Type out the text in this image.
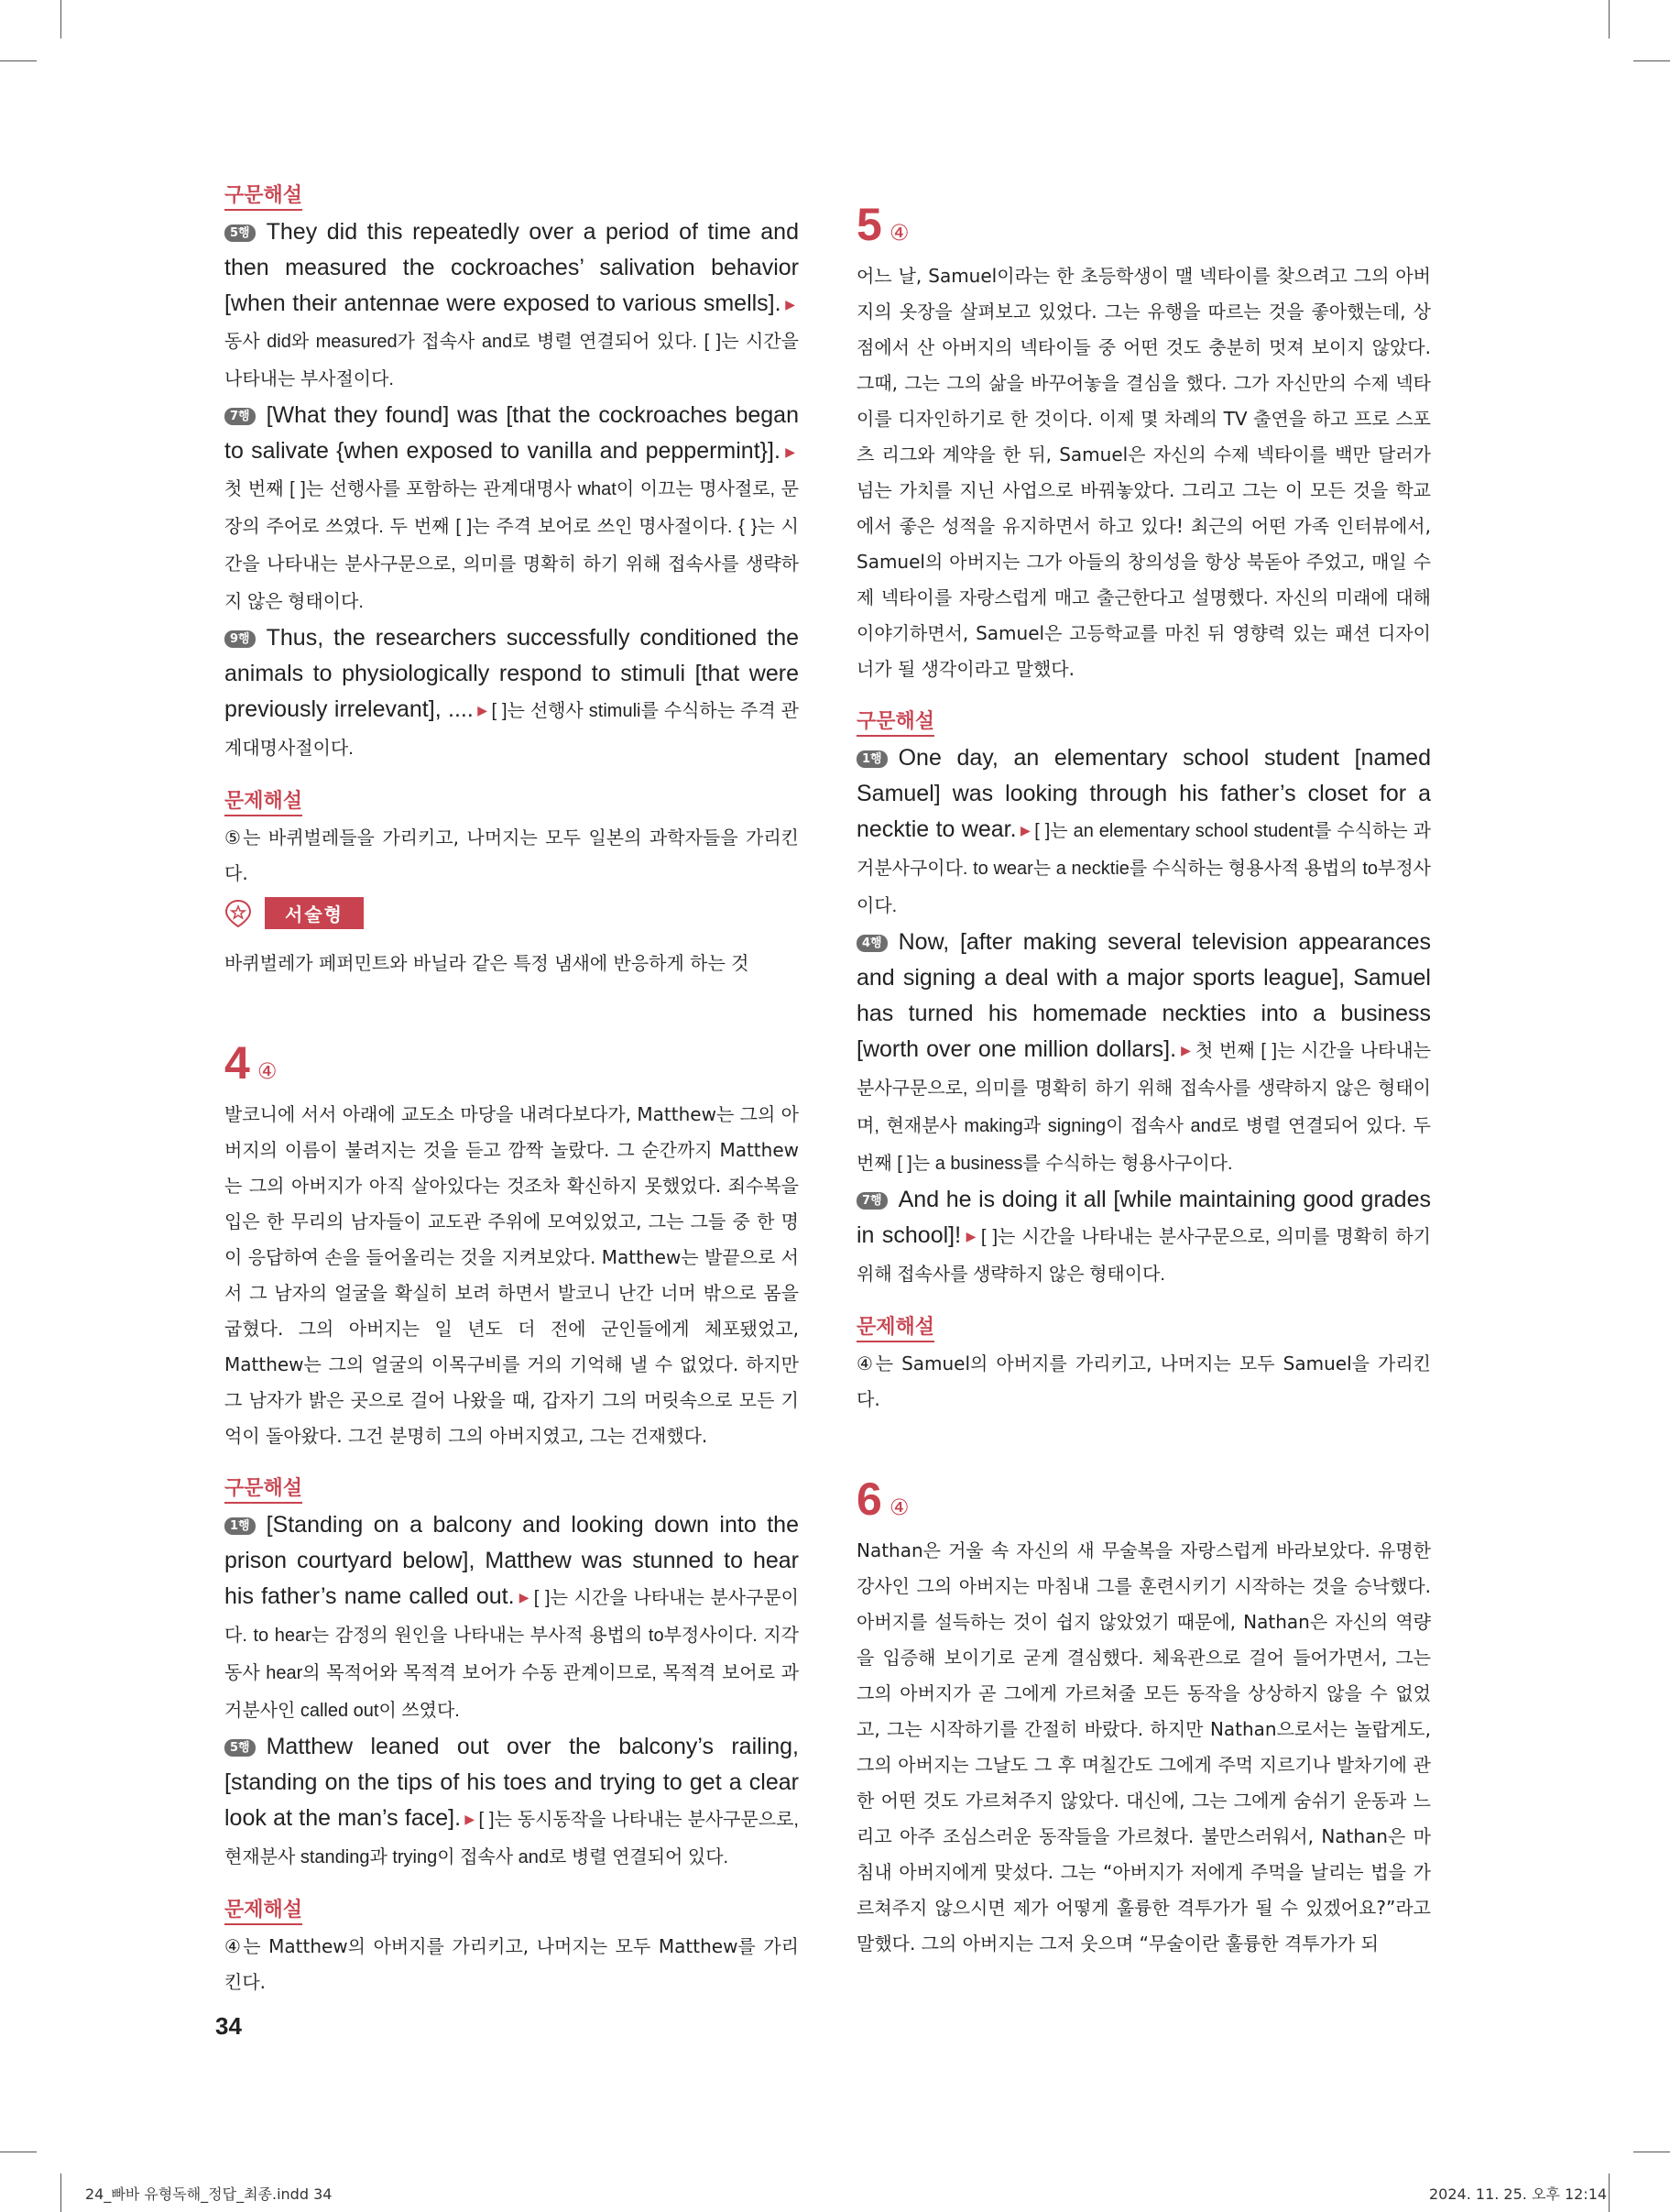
구문해설

5행 They did this repeatedly over a period of time and then measured the cockroaches’ salivation behavior [when their antennae were exposed to various smells]. ▶동사 did와 measured가 접속사 and로 병렬 연결되어 있다. [ ]는 시간을 나타내는 부사절이다.

7행 [What they found] was [that the cockroaches began to salivate {when exposed to vanilla and peppermint}]. ▶첫 번째 [ ]는 선행사를 포함하는 관계대명사 what이 이끄는 명사절로, 문장의 주어로 쓰였다. 두 번째 [ ]는 주격 보어로 쓰인 명사절이다. { }는 시간을 나타내는 분사구문으로, 의미를 명확히 하기 위해 접속사를 생략하지 않은 형태이다.

9행 Thus, the researchers successfully conditioned the animals to physiologically respond to stimuli [that were previously irrelevant], .... ▶ [ ]는 선행사 stimuli를 수식하는 주격 관계대명사절이다.

문제해설

⑤는 바퀴벌레들을 가리키고, 나머지는 모두 일본의 과학자들을 가리킨다.

서술형

바퀴벌레가 페퍼민트와 바닐라 같은 특정 냄새에 반응하게 하는 것

4 ④

발코니에 서서 아래에 교도소 마당을 내려다보다가, Matthew는 그의 아버지의 이름이 불려지는 것을 듣고 깜짝 놀랐다. 그 순간까지 Matthew는 그의 아버지가 아직 살아있다는 것조차 확신하지 못했었다. 죄수복을 입은 한 무리의 남자들이 교도관 주위에 모여있었고, 그는 그들 중 한 명이 응답하여 손을 들어올리는 것을 지켜보았다. Matthew는 발끝으로 서서 그 남자의 얼굴을 확실히 보려 하면서 발코니 난간 너머 밖으로 몸을 굽혔다. 그의 아버지는 일 년도 더 전에 군인들에게 체포됐었고, Matthew는 그의 얼굴의 이목구비를 거의 기억해 낼 수 없었다. 하지만 그 남자가 밝은 곳으로 걸어 나왔을 때, 갑자기 그의 머릿속으로 모든 기억이 돌아왔다. 그건 분명히 그의 아버지였고, 그는 건재했다.

구문해설

1행 [Standing on a balcony and looking down into the prison courtyard below], Matthew was stunned to hear his father’s name called out. ▶ [ ]는 시간을 나타내는 분사구문이다. to hear는 감정의 원인을 나타내는 부사적 용법의 to부정사이다. 지각동사 hear의 목적어와 목적격 보어가 수동 관계이므로, 목적격 보어로 과거분사인 called out이 쓰였다.

5행 Matthew leaned out over the balcony’s railing, [standing on the tips of his toes and trying to get a clear look at the man’s face]. ▶ [ ]는 동시동작을 나타내는 분사구문으로, 현재분사 standing과 trying이 접속사 and로 병렬 연결되어 있다.

문제해설

④는 Matthew의 아버지를 가리키고, 나머지는 모두 Matthew를 가리킨다.

5 ④

어느 날, Samuel이라는 한 초등학생이 맬 넥타이를 찾으려고 그의 아버지의 옷장을 살펴보고 있었다. 그는 유행을 따르는 것을 좋아했는데, 상점에서 산 아버지의 넥타이들 중 어떤 것도 충분히 멋져 보이지 않았다. 그때, 그는 그의 삶을 바꾸어놓을 결심을 했다. 그가 자신만의 수제 넥타이를 디자인하기로 한 것이다. 이제 몇 차례의 TV 출연을 하고 프로 스포츠 리그와 계약을 한 뒤, Samuel은 자신의 수제 넥타이를 백만 달러가 넘는 가치를 지닌 사업으로 바꿔놓았다. 그리고 그는 이 모든 것을 학교에서 좋은 성적을 유지하면서 하고 있다! 최근의 어떤 가족 인터뷰에서, Samuel의 아버지는 그가 아들의 창의성을 항상 북돋아 주었고, 매일 수제 넥타이를 자랑스럽게 매고 출근한다고 설명했다. 자신의 미래에 대해 이야기하면서, Samuel은 고등학교를 마친 뒤 영향력 있는 패션 디자이너가 될 생각이라고 말했다.

구문해설

1행 One day, an elementary school student [named Samuel] was looking through his father’s closet for a necktie to wear. ▶ [ ]는 an elementary school student를 수식하는 과거분사구이다. to wear는 a necktie를 수식하는 형용사적 용법의 to부정사이다.

4행 Now, [after making several television appearances and signing a deal with a major sports league], Samuel has turned his homemade neckties into a business [worth over one million dollars]. ▶ 첫 번째 [ ]는 시간을 나타내는 분사구문으로, 의미를 명확히 하기 위해 접속사를 생략하지 않은 형태이며, 현재분사 making과 signing이 접속사 and로 병렬 연결되어 있다. 두 번째 [ ]는 a business를 수식하는 형용사구이다.

7행 And he is doing it all [while maintaining good grades in school]! ▶ [ ]는 시간을 나타내는 분사구문으로, 의미를 명확히 하기 위해 접속사를 생략하지 않은 형태이다.

문제해설

④는 Samuel의 아버지를 가리키고, 나머지는 모두 Samuel을 가리킨다.

6 ④

Nathan은 거울 속 자신의 새 무술복을 자랑스럽게 바라보았다. 유명한 강사인 그의 아버지는 마침내 그를 훈련시키기 시작하는 것을 승낙했다. 아버지를 설득하는 것이 쉽지 않았었기 때문에, Nathan은 자신의 역량을 입증해 보이기로 굳게 결심했다. 체육관으로 걸어 들어가면서, 그는 그의 아버지가 곧 그에게 가르쳐줄 모든 동작을 상상하지 않을 수 없었고, 그는 시작하기를 간절히 바랐다. 하지만 Nathan으로서는 놀랍게도, 그의 아버지는 그날도 그 후 며칠간도 그에게 주먹 지르기나 발차기에 관한 어떤 것도 가르쳐주지 않았다. 대신에, 그는 그에게 숨쉬기 운동과 느리고 아주 조심스러운 동작들을 가르쳤다. 불만스러워서, Nathan은 마침내 아버지에게 맞섰다. 그는 “아버지가 저에게 주먹을 날리는 법을 가르쳐주지 않으시면 제가 어떻게 훌륭한 격투가가 될 수 있겠어요?”라고 말했다. 그의 아버지는 그저 웃으며 “무술이란 훌륭한 격투가가 되

34
24_빠바 유형독해_정답_최종.indd 34	2024. 11. 25. 오후 12:14
